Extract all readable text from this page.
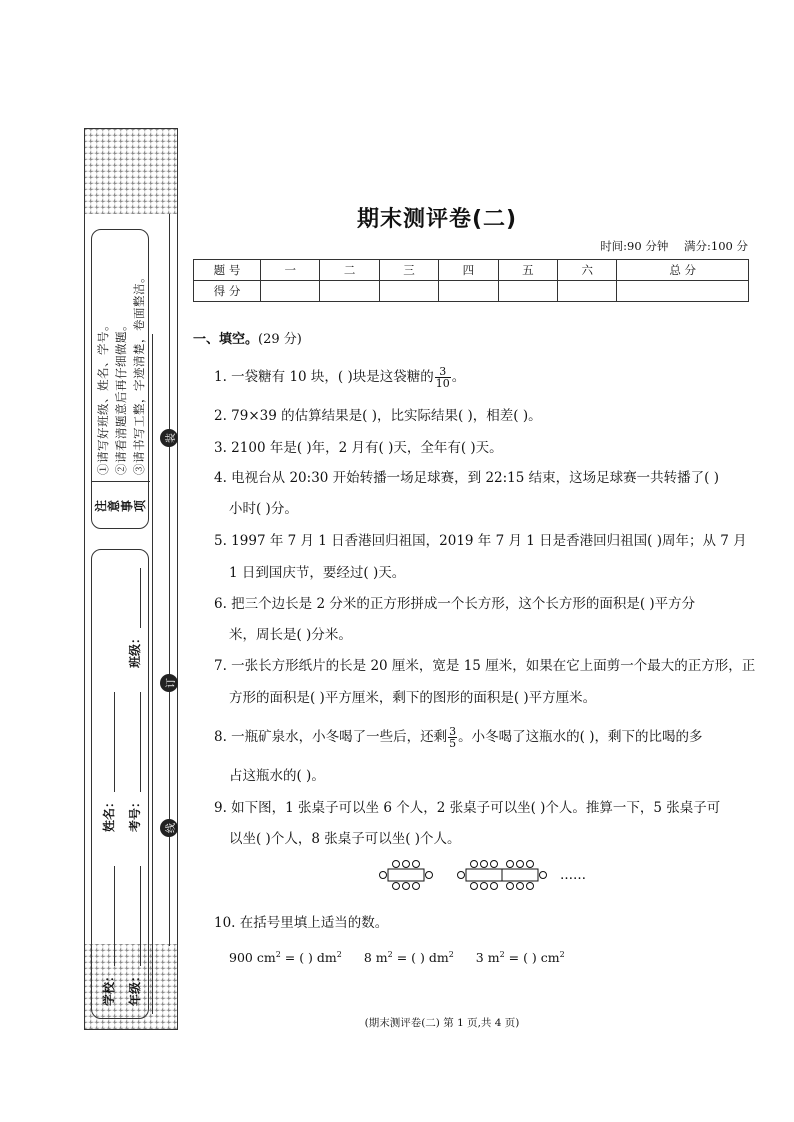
注 意 事 项
①请写好班级、姓名、学号。 ②请看清题意后再仔细做题。 ③请书写工整，字迹清楚，卷面整洁。	装
订
线
学校：
姓名：
年级：
考号：
班级：
期末测评卷(二)
时间:90 分钟 满分:100 分
题 号	一	二	三	四	五	六	总 分
得 分							
一、填空。(29 分)
1. 一袋糖有 10 块，( )块是这袋糖的 $\frac{3}{10}$ 。
2. 79×39 的估算结果是( )，比实际结果( )，相差( )。
3. 2100 年是( )年，2 月有( )天，全年有( )天。
4. 电视台从 20:30 开始转播一场足球赛，到 22:15 结束，这场足球赛一共转播了( )
小时( )分。
5. 1997 年 7 月 1 日香港回归祖国，2019 年 7 月 1 日是香港回归祖国( )周年；从 7 月
1 日到国庆节，要经过( )天。
6. 把三个边长是 2 分米的正方形拼成一个长方形，这个长方形的面积是( )平方分
米，周长是( )分米。
7. 一张长方形纸片的长是 20 厘米，宽是 15 厘米，如果在它上面剪一个最大的正方形，正
方形的面积是( )平方厘米，剩下的图形的面积是( )平方厘米。
8. 一瓶矿泉水，小冬喝了一些后，还剩 $\frac{3}{5}$ 。小冬喝了这瓶水的( )，剩下的比喝的多
占这瓶水的( )。
9. 如下图，1 张桌子可以坐 6 个人，2 张桌子可以坐( )个人。推算一下，5 张桌子可
以坐( )个人，8 张桌子可以坐( )个人。
……
10. 在括号里填上适当的数。
900 $cm^2$ = ( ) $dm^2$ 8 $m^2$ = ( ) $dm^2$ 3 $m^2$ = ( ) $cm^2$
(期末测评卷(二) 第 1 页,共 4 页)
